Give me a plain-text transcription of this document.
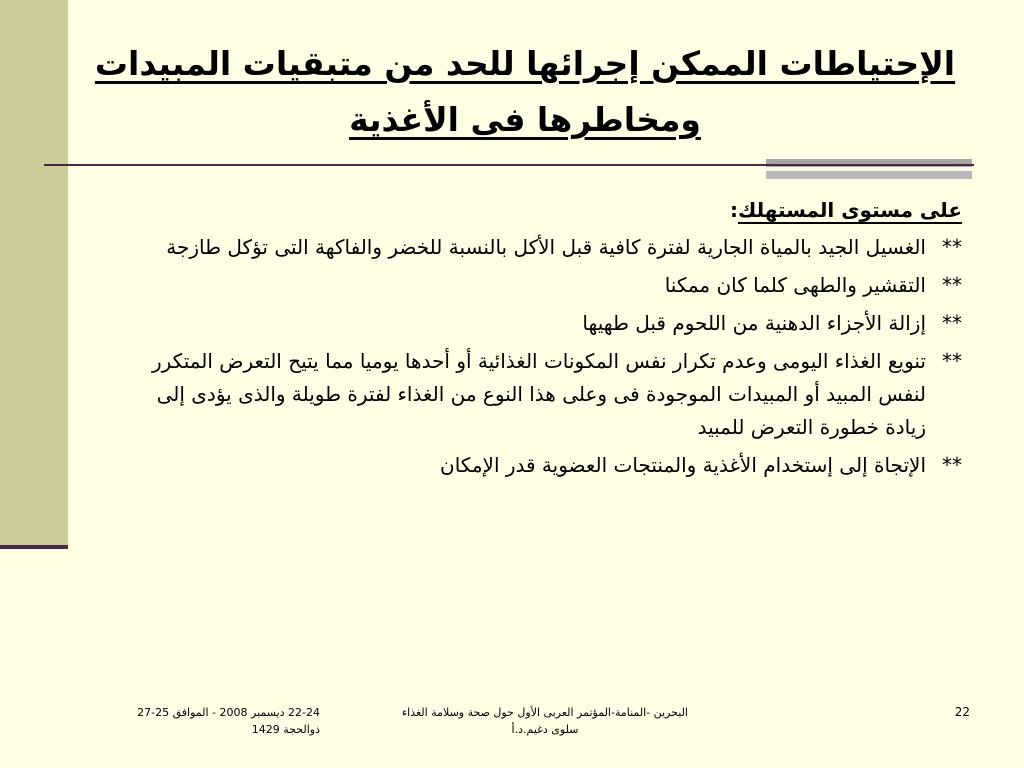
الإحتياطات الممكن إجرائها للحد من متبقيات المبيدات
ومخاطرها فى الأغذية
على مستوى المستهلك:
**
الغسيل الجيد بالمياة الجارية لفترة كافية قبل الأكل بالنسبة للخضر والفاكهة التى تؤكل طازجة
**
التقشير والطهى كلما كان ممكنا
**
إزالة الأجزاء الدهنية من اللحوم قبل طهيها
**
تنويع الغذاء اليومى وعدم تكرار نفس المكونات الغذائية أو أحدها يوميا مما يتيح التعرض المتكرر لنفس المبيد أو المبيدات الموجودة فى وعلى هذا النوع من الغذاء لفترة طويلة والذى يؤدى إلى زيادة خطورة التعرض للمبيد
**
الإتجاة إلى إستخدام الأغذية والمنتجات العضوية قدر الإمكان
22-24 ديسمبر 2008 - الموافق 25-27
ذوالحجة 1429
البحرين -المنامة-المؤتمر العربى الأول حول صحة وسلامة الغذاء
سلوى دغيم.د.أ
22
